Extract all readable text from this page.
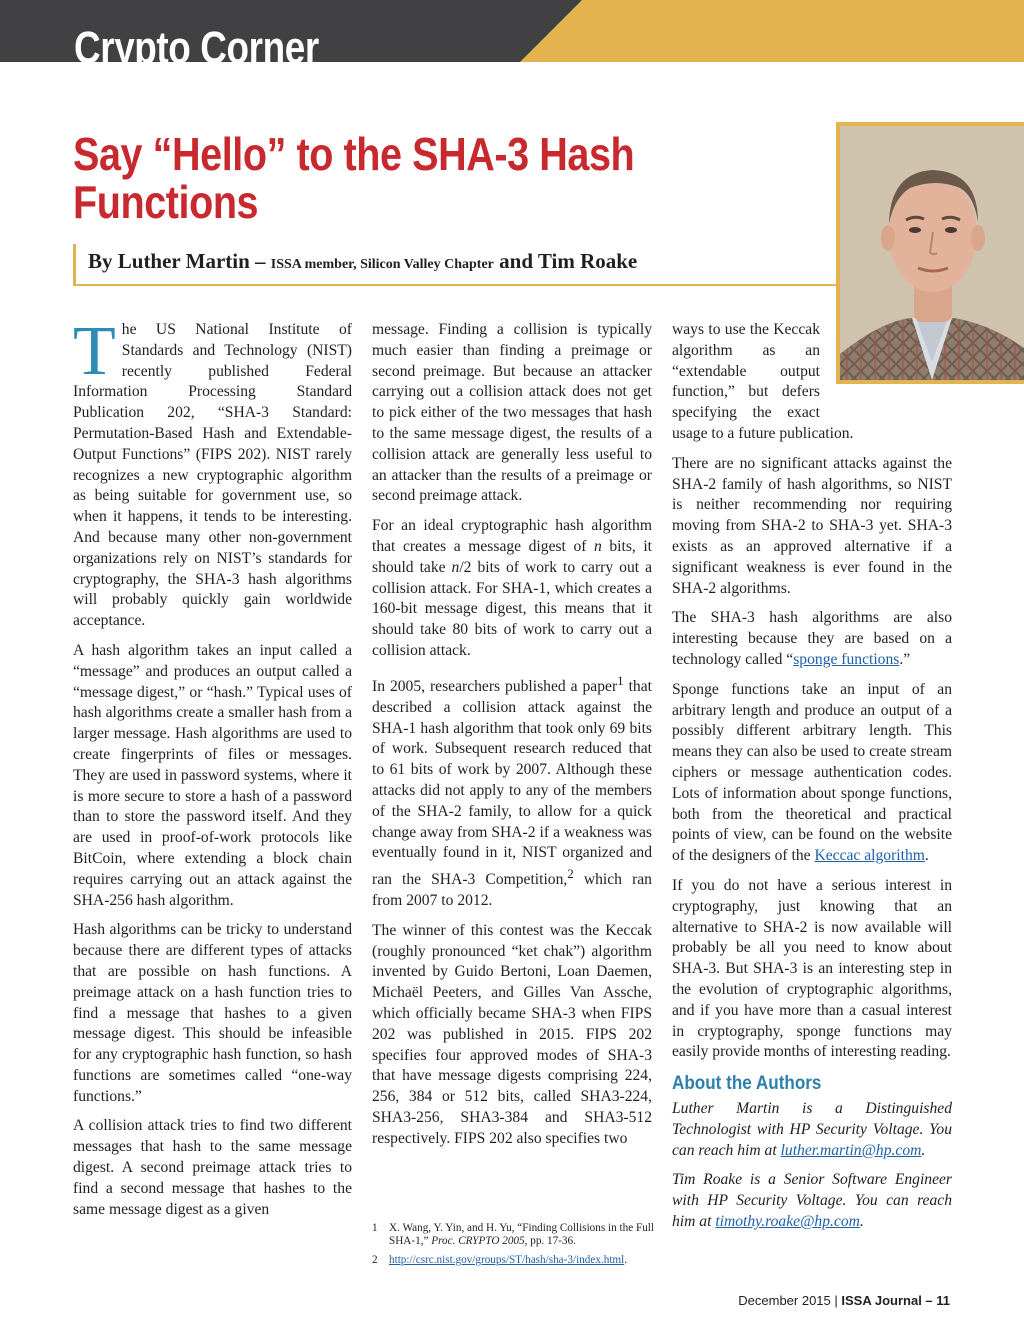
Crypto Corner
Say “Hello” to the SHA-3 Hash Functions
By Luther Martin – ISSA member, Silicon Valley Chapter and Tim Roake

The US National Institute of Standards and Technology (NIST) recently published Federal Information Processing Standard Publication 202, “SHA-3 Standard: Permutation-Based Hash and Extendable-Output Functions” (FIPS 202). NIST rarely recognizes a new cryptographic algorithm as being suitable for government use, so when it happens, it tends to be interesting. And because many other non-government organizations rely on NIST’s standards for cryptography, the SHA-3 hash algorithms will probably quickly gain worldwide acceptance.

A hash algorithm takes an input called a “message” and produces an output called a “message digest,” or “hash.” Typical uses of hash algorithms create a smaller hash from a larger message. Hash algorithms are used to create fingerprints of files or messages. They are used in password systems, where it is more secure to store a hash of a password than to store the password itself. And they are used in proof-of-work protocols like BitCoin, where extending a block chain requires carrying out an attack against the SHA-256 hash algorithm.

Hash algorithms can be tricky to understand because there are different types of attacks that are possible on hash functions. A preimage attack on a hash function tries to find a message that hashes to a given message digest. This should be infeasible for any cryptographic hash function, so hash functions are sometimes called “one-way functions.”

A collision attack tries to find two different messages that hash to the same message digest. A second preimage attack tries to find a second message that hashes to the same message digest as a given

message. Finding a collision is typically much easier than finding a preimage or second preimage. But because an attacker carrying out a collision attack does not get to pick either of the two messages that hash to the same message digest, the results of a collision attack are generally less useful to an attacker than the results of a preimage or second preimage attack.

For an ideal cryptographic hash algorithm that creates a message digest of n bits, it should take n/2 bits of work to carry out a collision attack. For SHA-1, which creates a 160-bit message digest, this means that it should take 80 bits of work to carry out a collision attack.

In 2005, researchers published a paper$^1$ that described a collision attack against the SHA-1 hash algorithm that took only 69 bits of work. Subsequent research reduced that to 61 bits of work by 2007. Although these attacks did not apply to any of the members of the SHA-2 family, to allow for a quick change away from SHA-2 if a weakness was eventually found in it, NIST organized and ran the SHA-3 Competition,$^2$ which ran from 2007 to 2012.

The winner of this contest was the Keccak (roughly pronounced “ket chak”) algorithm invented by Guido Bertoni, Loan Daemen, Michaël Peeters, and Gilles Van Assche, which officially became SHA-3 when FIPS 202 was published in 2015. FIPS 202 specifies four approved modes of SHA-3 that have message digests comprising 224, 256, 384 or 512 bits, called SHA3-224, SHA3-256, SHA3-384 and SHA3-512 respectively. FIPS 202 also specifies two

1	X. Wang, Y. Yin, and H. Yu, “Finding Collisions in the Full SHA-1,” Proc. CRYPTO 2005, pp. 17-36.
2	http://csrc.nist.gov/groups/ST/hash/sha-3/index.html.

ways to use the Keccak algorithm as an “extendable output function,” but defers specifying the exact usage to a future publication.

There are no significant attacks against the SHA-2 family of hash algorithms, so NIST is neither recommending nor requiring moving from SHA-2 to SHA-3 yet. SHA-3 exists as an approved alternative if a significant weakness is ever found in the SHA-2 algorithms.

The SHA-3 hash algorithms are also interesting because they are based on a technology called “sponge functions.”

Sponge functions take an input of an arbitrary length and produce an output of a possibly different arbitrary length. This means they can also be used to create stream ciphers or message authentication codes. Lots of information about sponge functions, both from the theoretical and practical points of view, can be found on the website of the designers of the Keccac algorithm.

If you do not have a serious interest in cryptography, just knowing that an alternative to SHA-2 is now available will probably be all you need to know about SHA-3. But SHA-3 is an interesting step in the evolution of cryptographic algorithms, and if you have more than a casual interest in cryptography, sponge functions may easily provide months of interesting reading.

About the Authors

Luther Martin is a Distinguished Technologist with HP Security Voltage. You can reach him at luther.martin@hp.com.

Tim Roake is a Senior Software Engineer with HP Security Voltage. You can reach him at timothy.roake@hp.com.

December 2015 | ISSA Journal – 11
